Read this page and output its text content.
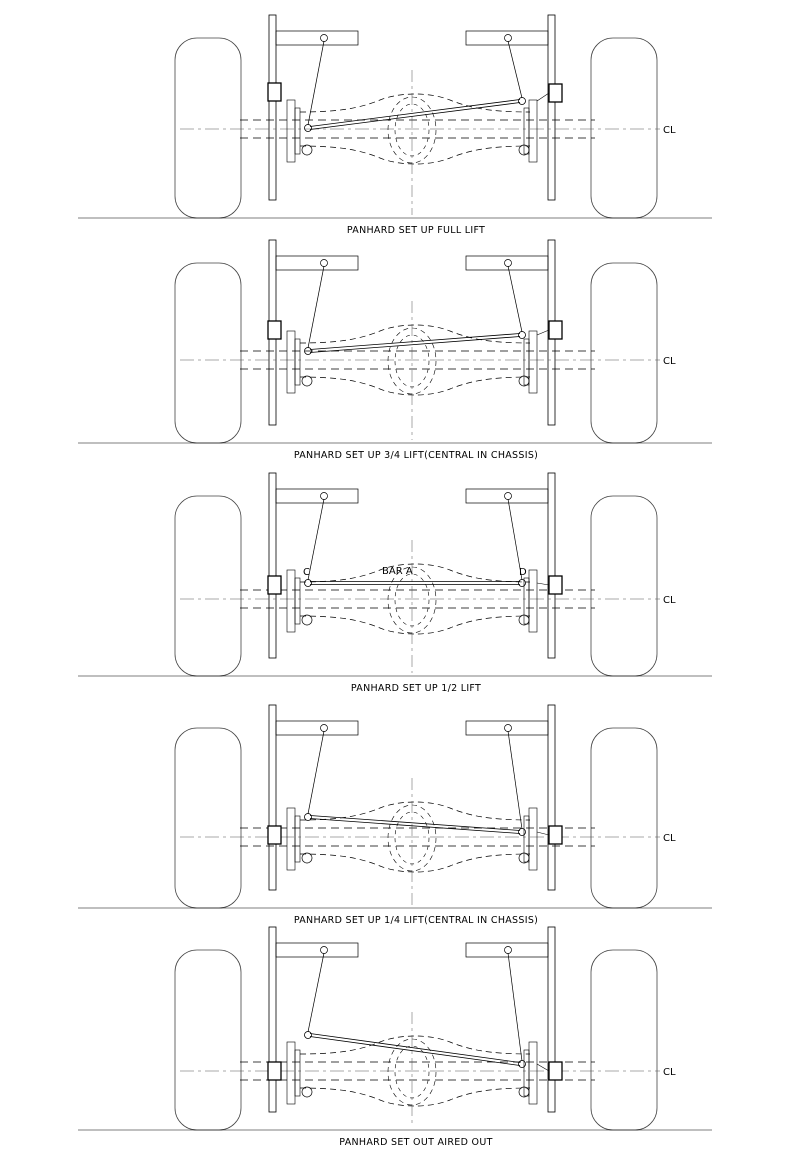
CL
PANHARD SET UP FULL LIFT
CL
PANHARD SET UP 3/4 LIFT(CENTRAL IN CHASSIS)
CL
C	D
BAR A
PANHARD SET UP 1/2 LIFT
CL
PANHARD SET UP 1/4 LIFT(CENTRAL IN CHASSIS)
CL
PANHARD SET OUT AIRED OUT
